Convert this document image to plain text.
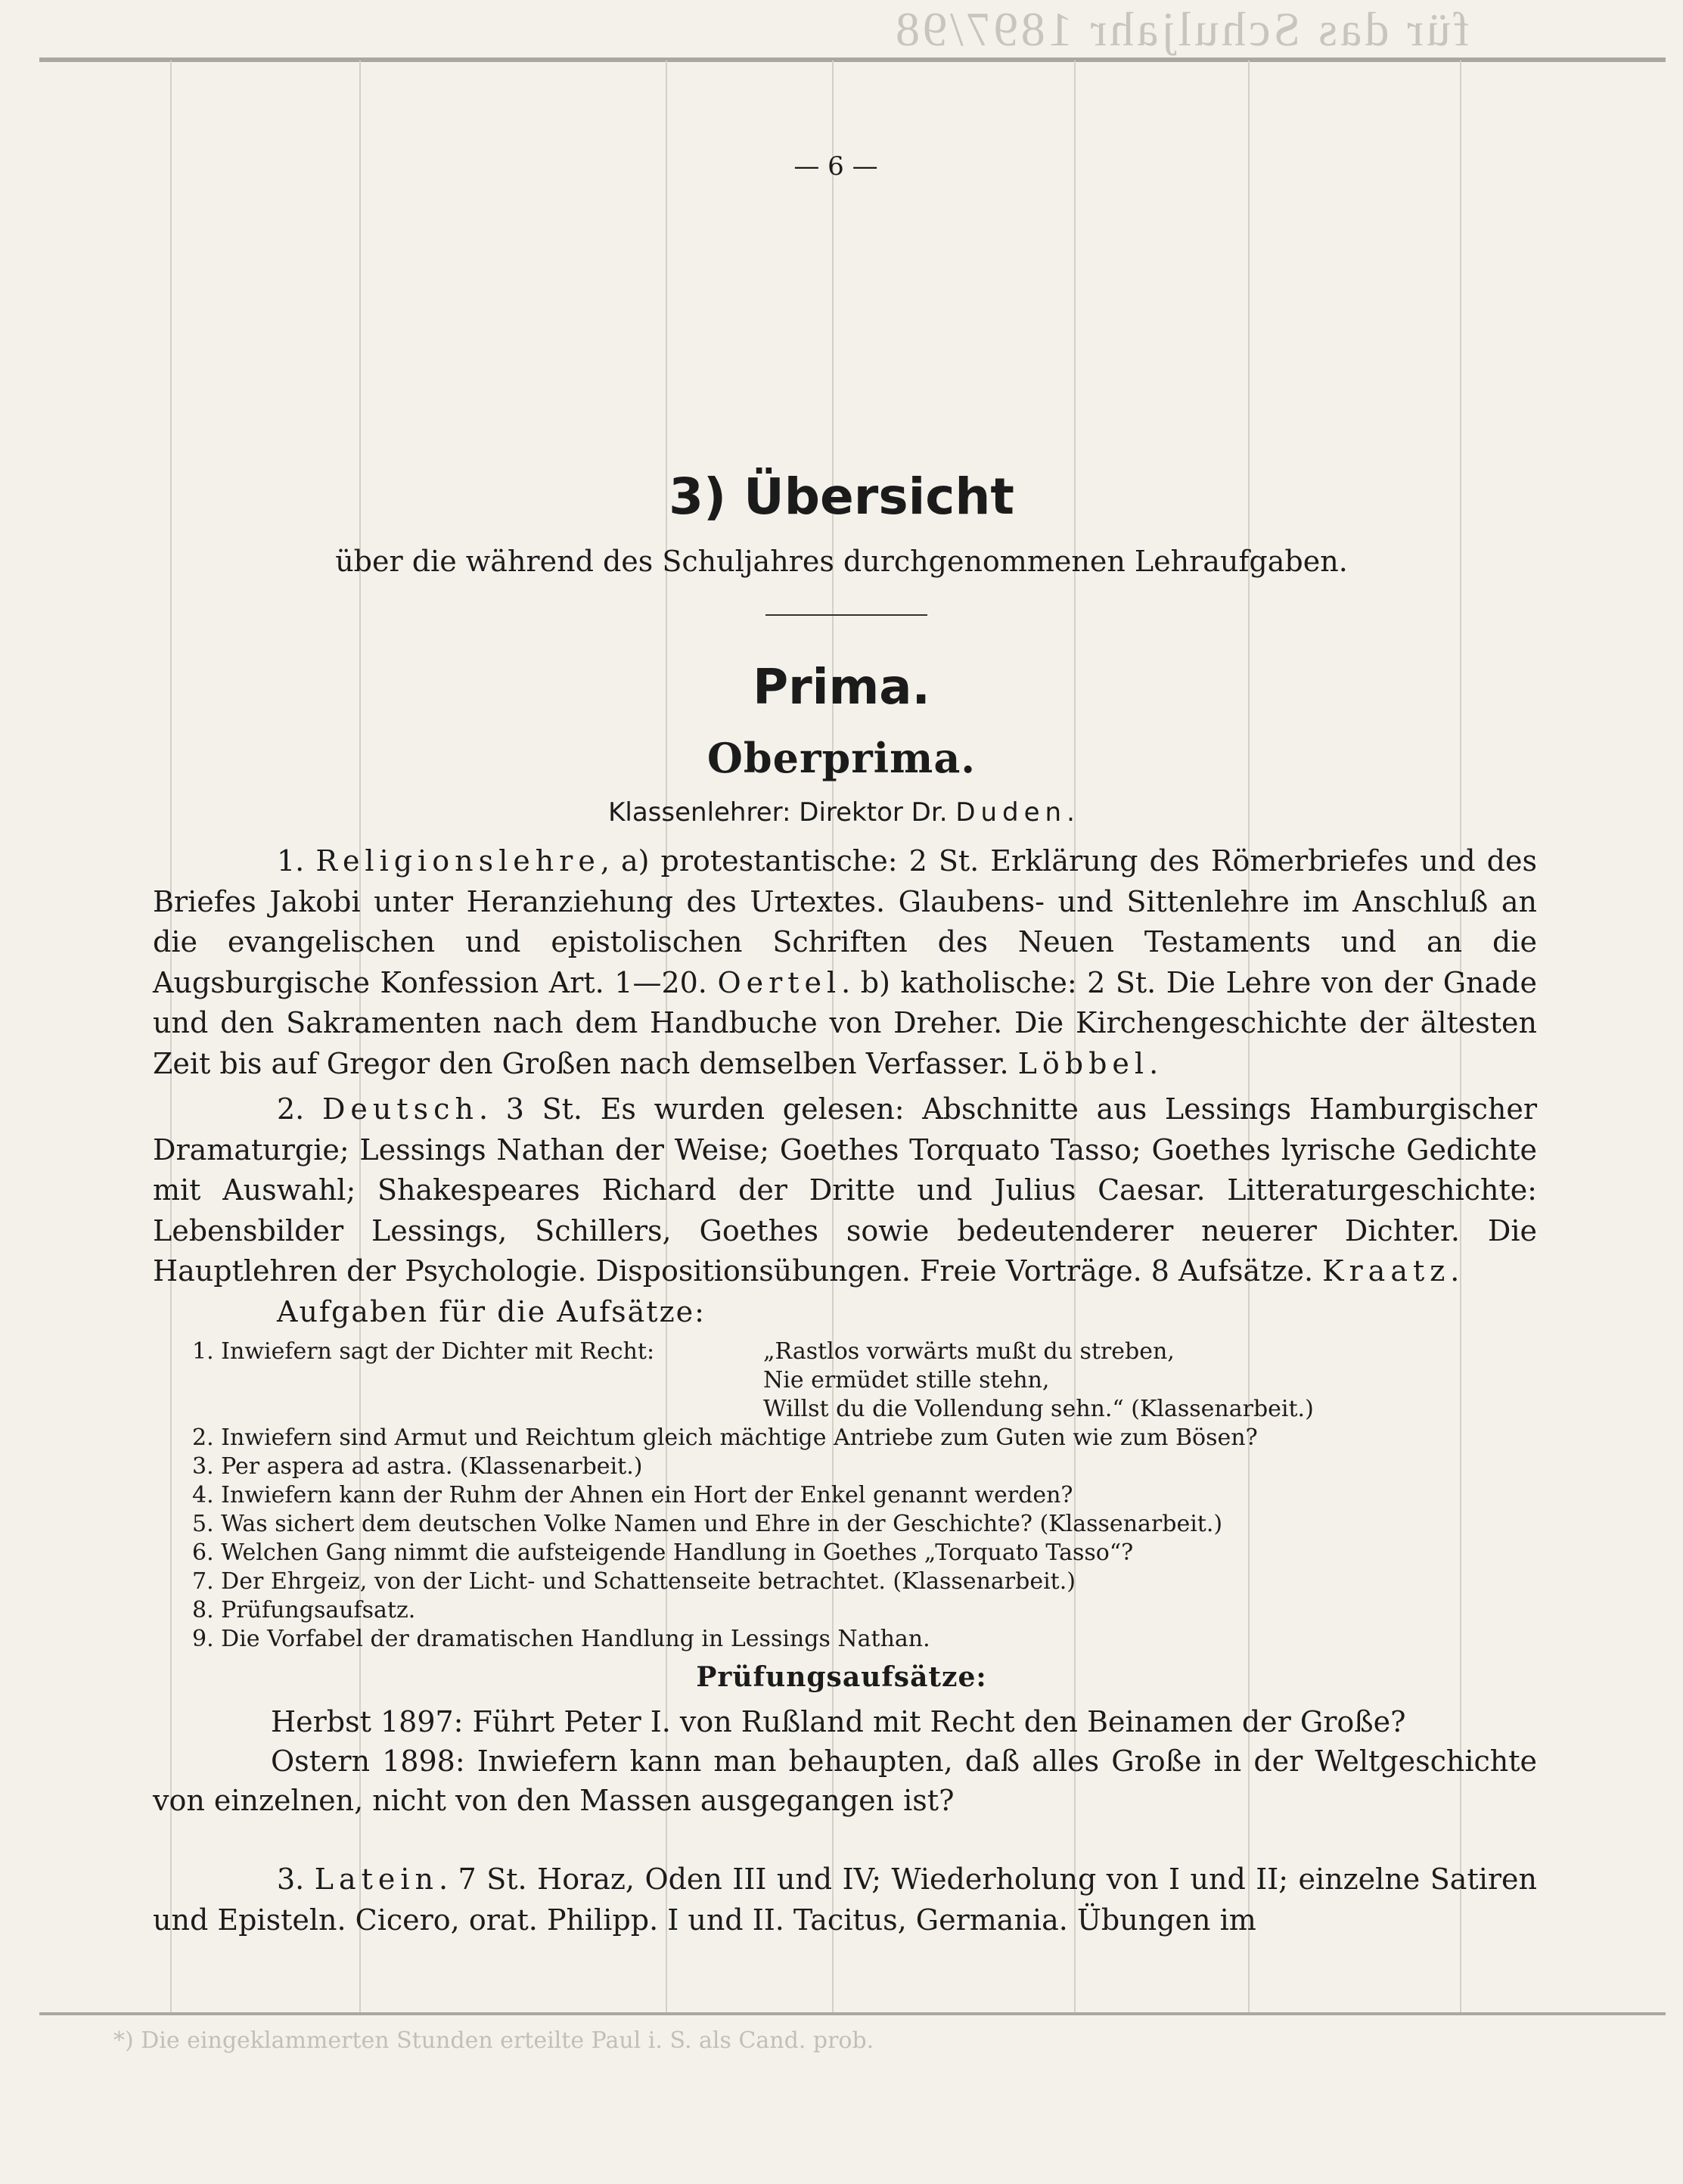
für das Schuljahr 1897/98
*) Die eingeklammerten Stunden erteilte Paul i. S. als Cand. prob.
— 6 —
3) Übersicht
über die während des Schuljahres durchgenommenen Lehraufgaben.
Prima.
Oberprima.
Klassenlehrer: Direktor Dr. Duden.

1. Religionslehre, a) protestantische: 2 St. Erklärung des Römerbriefes und des Briefes Jakobi unter Heranziehung des Urtextes. Glaubens- und Sittenlehre im Anschluß an die evangelischen und epistolischen Schriften des Neuen Testaments und an die Augsburgische Konfession Art. 1—20. Oertel. b) katholische: 2 St. Die Lehre von der Gnade und den Sakramenten nach dem Handbuche von Dreher. Die Kirchengeschichte der ältesten Zeit bis auf Gregor den Großen nach demselben Verfasser. Löbbel.

2. Deutsch. 3 St. Es wurden gelesen: Abschnitte aus Lessings Hamburgischer Dramaturgie; Lessings Nathan der Weise; Goethes Torquato Tasso; Goethes lyrische Gedichte mit Auswahl; Shakespeares Richard der Dritte und Julius Caesar. Litteraturgeschichte: Lebensbilder Lessings, Schillers, Goethes sowie bedeutenderer neuerer Dichter. Die Hauptlehren der Psychologie. Dispositionsübungen. Freie Vorträge. 8 Aufsätze. Kraatz.

Aufgaben für die Aufsätze:
1. Inwiefern sagt der Dichter mit Recht:	„Rastlos vorwärts mußt du streben,
Nie ermüdet stille stehn,
Willst du die Vollendung sehn.“ (Klassenarbeit.)
2. Inwiefern sind Armut und Reichtum gleich mächtige Antriebe zum Guten wie zum Bösen?
3. Per aspera ad astra. (Klassenarbeit.)
4. Inwiefern kann der Ruhm der Ahnen ein Hort der Enkel genannt werden?
5. Was sichert dem deutschen Volke Namen und Ehre in der Geschichte? (Klassenarbeit.)
6. Welchen Gang nimmt die aufsteigende Handlung in Goethes „Torquato Tasso“?
7. Der Ehrgeiz, von der Licht- und Schattenseite betrachtet. (Klassenarbeit.)
8. Prüfungsaufsatz.
9. Die Vorfabel der dramatischen Handlung in Lessings Nathan.
Prüfungsaufsätze:

Herbst 1897: Führt Peter I. von Rußland mit Recht den Beinamen der Große?

Ostern 1898: Inwiefern kann man behaupten, daß alles Große in der Weltgeschichte von einzelnen, nicht von den Massen ausgegangen ist?

3. Latein. 7 St. Horaz, Oden III und IV; Wiederholung von I und II; einzelne Satiren und Episteln. Cicero, orat. Philipp. I und II. Tacitus, Germania. Übungen im
